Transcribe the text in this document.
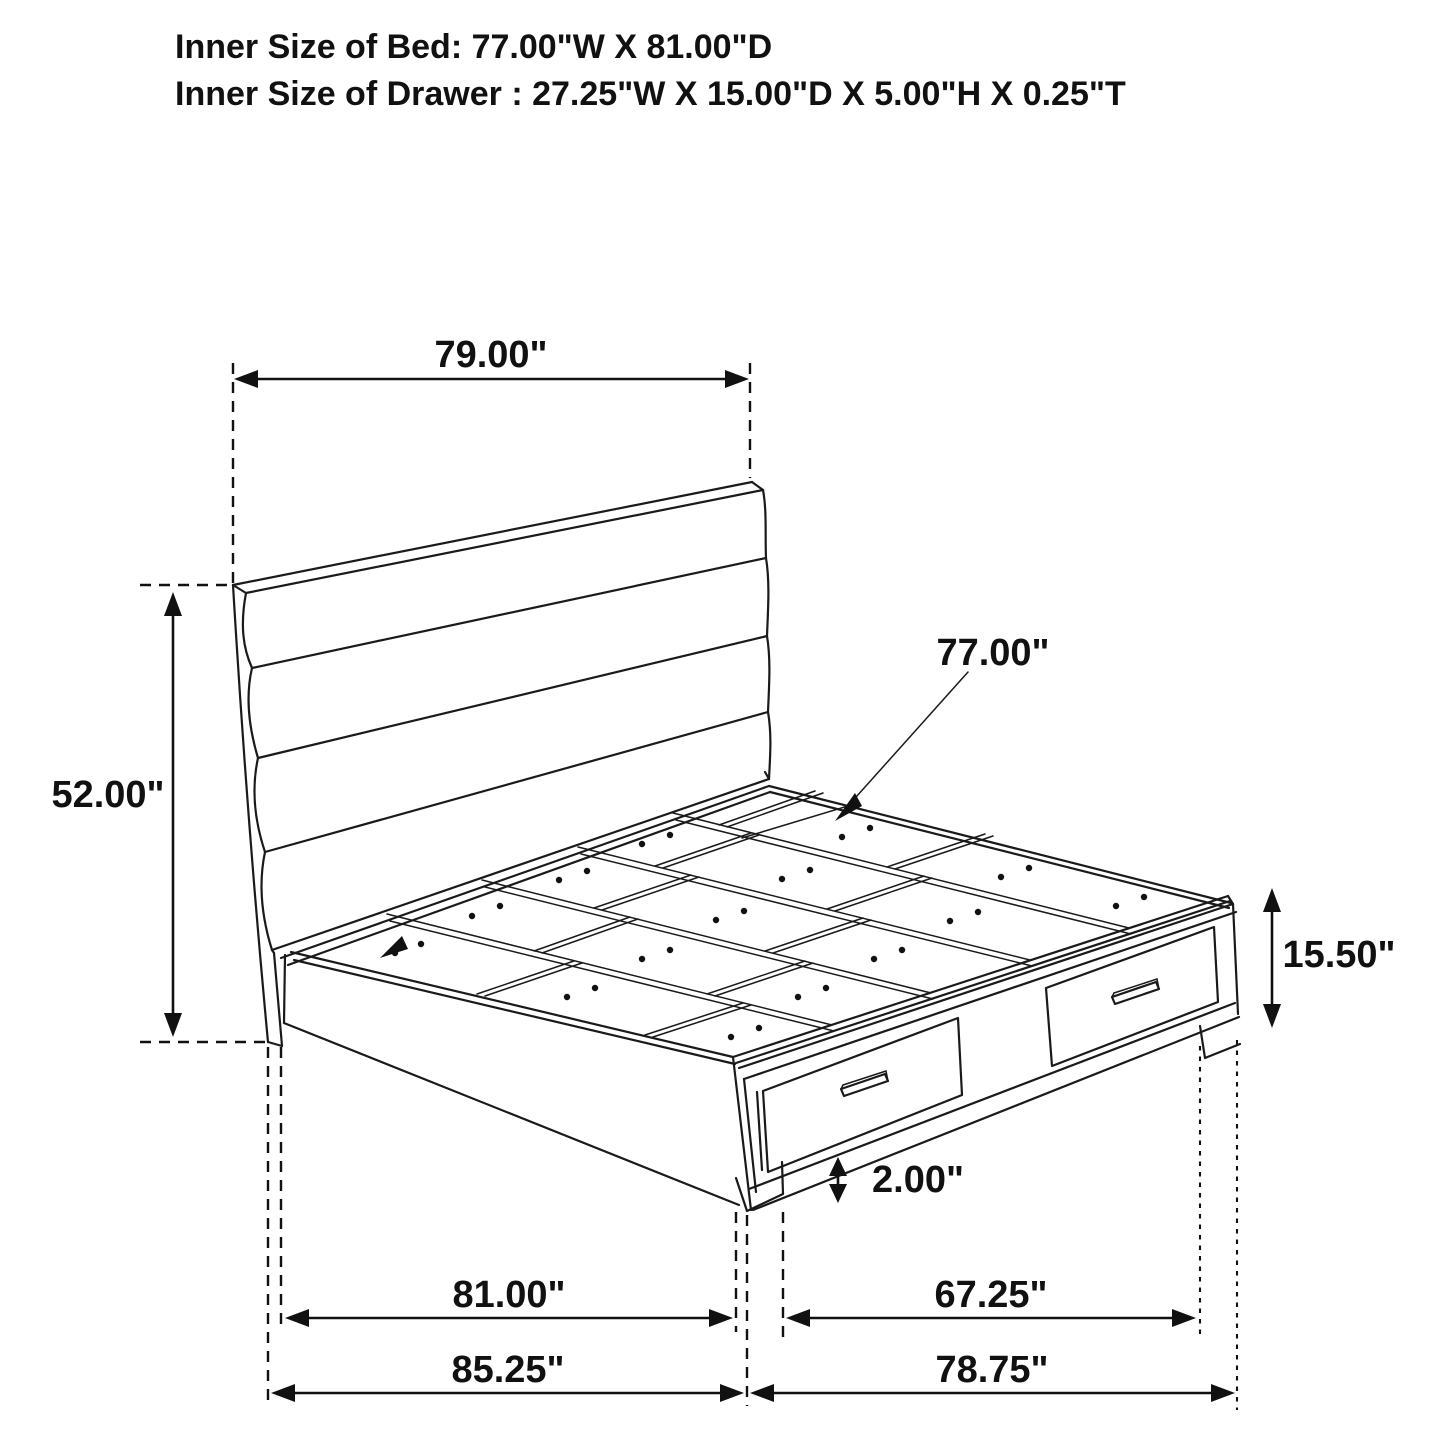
Inner Size of Bed: 77.00"W X 81.00"D
Inner Size of Drawer : 27.25"W X 15.00"D X 5.00"H X 0.25"T
79.00"
52.00"
77.00"
15.50"
2.00"
81.00"	67.25"
85.25"	78.75"
